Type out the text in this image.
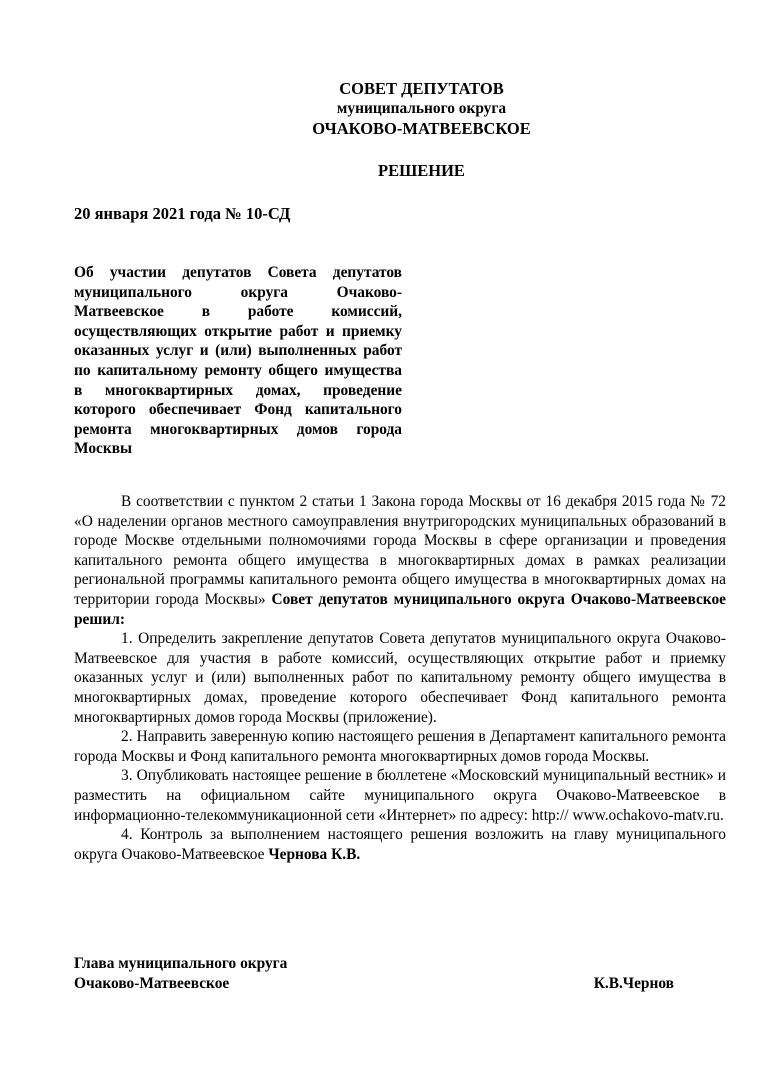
СОВЕТ ДЕПУТАТОВ
муниципального округа
ОЧАКОВО-МАТВЕЕВСКОЕ
РЕШЕНИЕ
20 января 2021 года № 10-СД
Об участии депутатов Совета депутатов муниципального округа Очаково-Матвеевское в работе комиссий, осуществляющих открытие работ и приемку оказанных услуг и (или) выполненных работ по капитальному ремонту общего имущества в многоквартирных домах, проведение которого обеспечивает Фонд капитального ремонта многоквартирных домов города Москвы

В соответствии с пунктом 2 статьи 1 Закона города Москвы от 16 декабря 2015 года № 72 «О наделении органов местного самоуправления внутригородских муниципальных образований в городе Москве отдельными полномочиями города Москвы в сфере организации и проведения капитального ремонта общего имущества в многоквартирных домах в рамках реализации региональной программы капитального ремонта общего имущества в многоквартирных домах на территории города Москвы» Совет депутатов муниципального округа Очаково-Матвеевское решил:

1. Определить закрепление депутатов Совета депутатов муниципального округа Очаково-Матвеевское для участия в работе комиссий, осуществляющих открытие работ и приемку оказанных услуг и (или) выполненных работ по капитальному ремонту общего имущества в многоквартирных домах, проведение которого обеспечивает Фонд капитального ремонта многоквартирных домов города Москвы (приложение).

2. Направить заверенную копию настоящего решения в Департамент капитального ремонта города Москвы и Фонд капитального ремонта многоквартирных домов города Москвы.

3. Опубликовать настоящее решение в бюллетене «Московский муниципальный вестник» и разместить на официальном сайте муниципального округа Очаково-Матвеевское в информационно-телекоммуникационной сети «Интернет» по адресу: http:// www.ochakovo-matv.ru.

4. Контроль за выполнением настоящего решения возложить на главу муниципального округа Очаково-Матвеевское Чернова К.В.

Глава муниципального округа
Очаково-Матвеевское	К.В.Чернов
